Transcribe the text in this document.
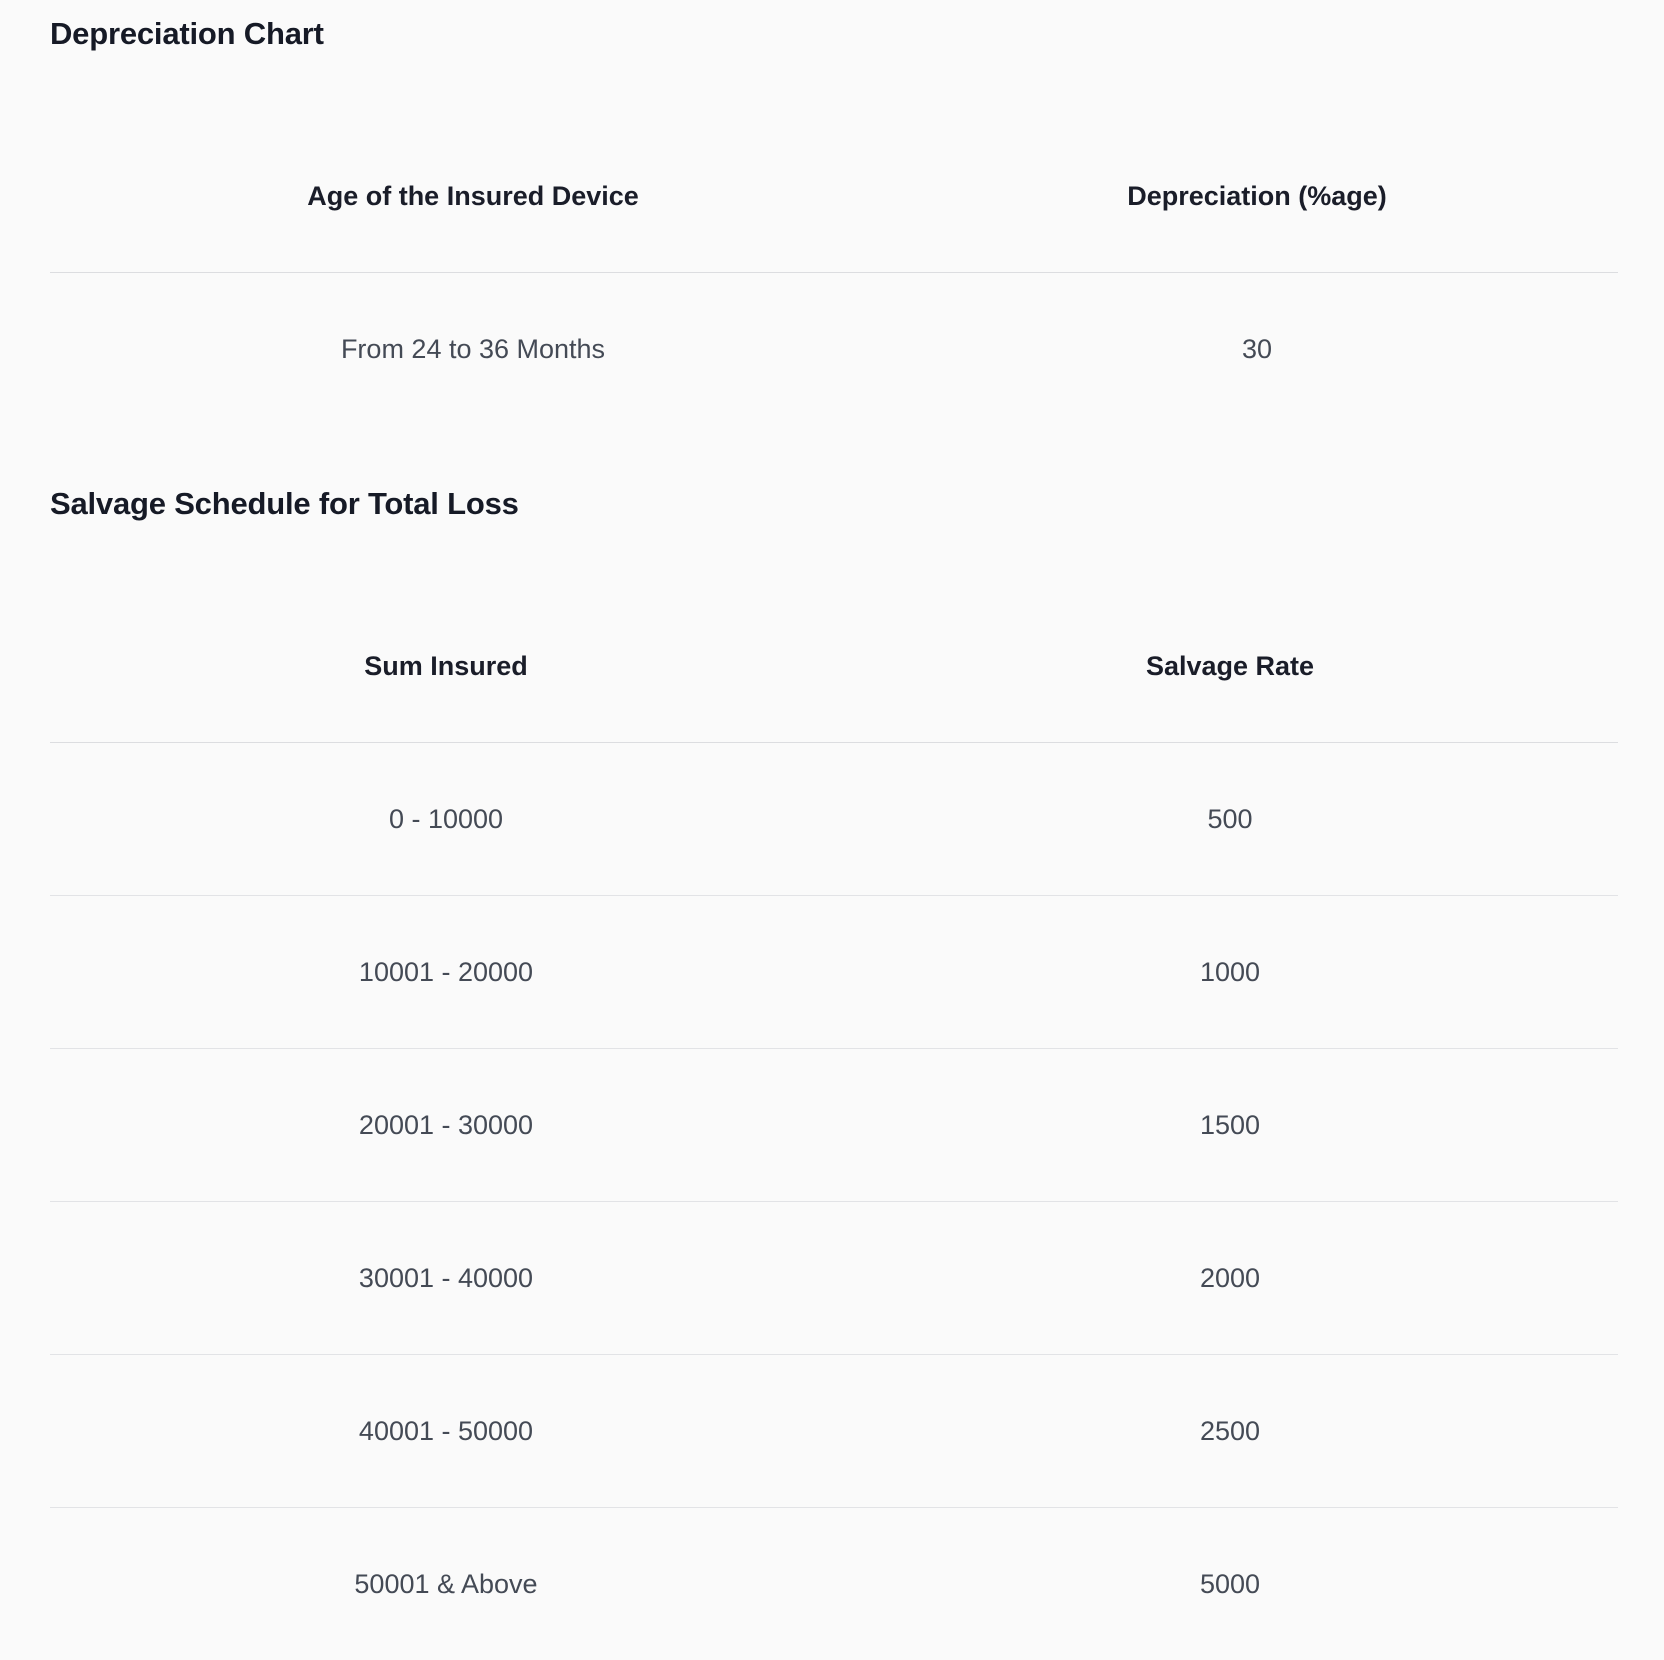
Depreciation Chart
Age of the Insured Device	Depreciation (%age)
From 24 to 36 Months	30
Salvage Schedule for Total Loss
Sum Insured	Salvage Rate
0 - 10000	500
10001 - 20000	1000
20001 - 30000	1500
30001 - 40000	2000
40001 - 50000	2500
50001 & Above	5000
